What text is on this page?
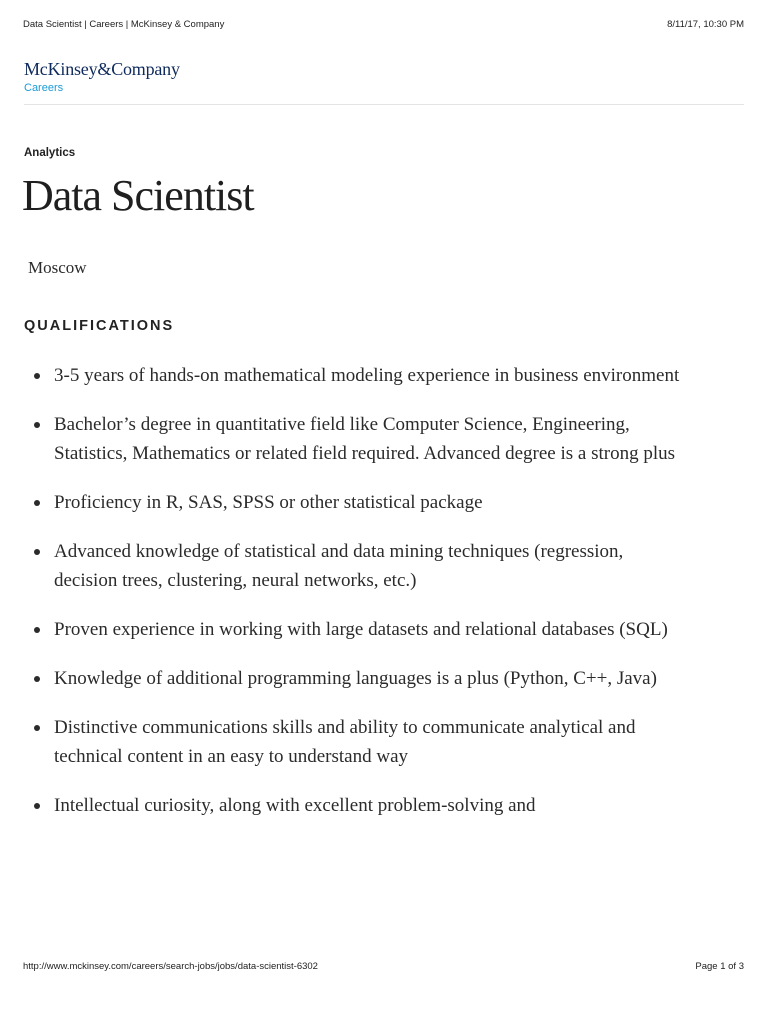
Data Scientist | Careers | McKinsey & Company	8/11/17, 10:30 PM
McKinsey&Company
Careers
Analytics
Data Scientist
Moscow
QUALIFICATIONS
3-5 years of hands-on mathematical modeling experience in business environment
Bachelor’s degree in quantitative field like Computer Science, Engineering, Statistics, Mathematics or related field required. Advanced degree is a strong plus
Proficiency in R, SAS, SPSS or other statistical package
Advanced knowledge of statistical and data mining techniques (regression, decision trees, clustering, neural networks, etc.)
Proven experience in working with large datasets and relational databases (SQL)
Knowledge of additional programming languages is a plus (Python, C++, Java)
Distinctive communications skills and ability to communicate analytical and technical content in an easy to understand way
Intellectual curiosity, along with excellent problem-solving and
http://www.mckinsey.com/careers/search-jobs/jobs/data-scientist-6302	Page 1 of 3
